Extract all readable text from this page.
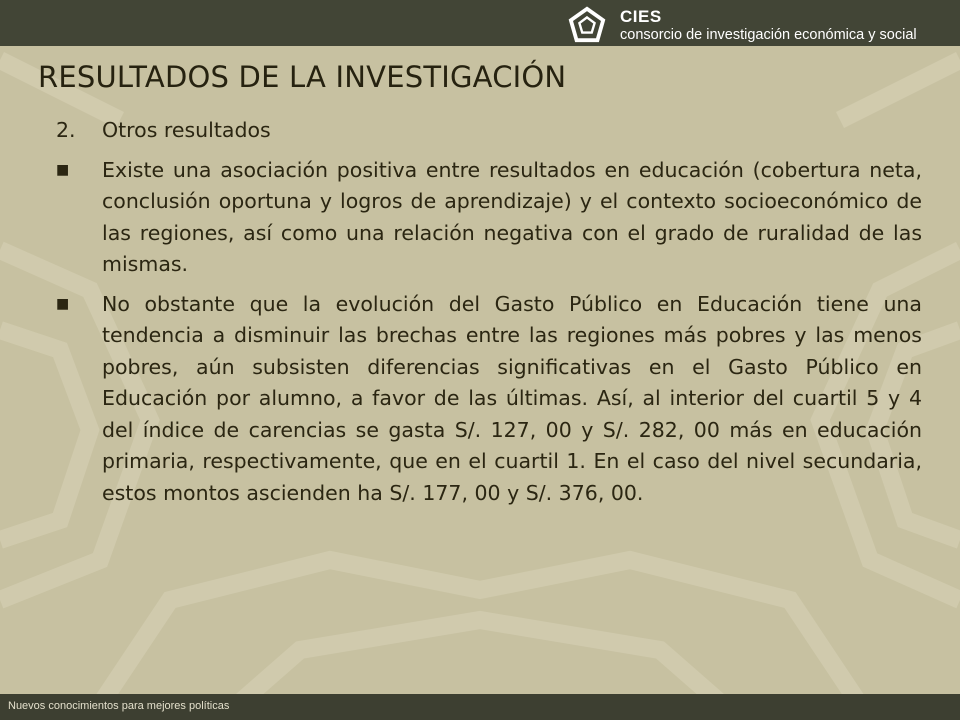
CIES
consorcio de investigación económica y social
RESULTADOS DE LA INVESTIGACIÓN
2.	Otros resultados
■	Existe una asociación positiva entre resultados en educación (cobertura neta, conclusión oportuna y logros de aprendizaje) y el contexto socioeconómico de las regiones, así como una relación negativa con el grado de ruralidad de las mismas.
■	No obstante que la evolución del Gasto Público en Educación tiene una tendencia a disminuir las brechas entre las regiones más pobres y las menos pobres, aún subsisten diferencias significativas en el Gasto Público en Educación por alumno, a favor de las últimas. Así, al interior del cuartil 5 y 4 del índice de carencias se gasta S/. 127, 00 y S/. 282, 00 más en educación primaria, respectivamente, que en el cuartil 1. En el caso del nivel secundaria, estos montos ascienden ha S/. 177, 00 y S/. 376, 00.
Nuevos conocimientos para mejores políticas
